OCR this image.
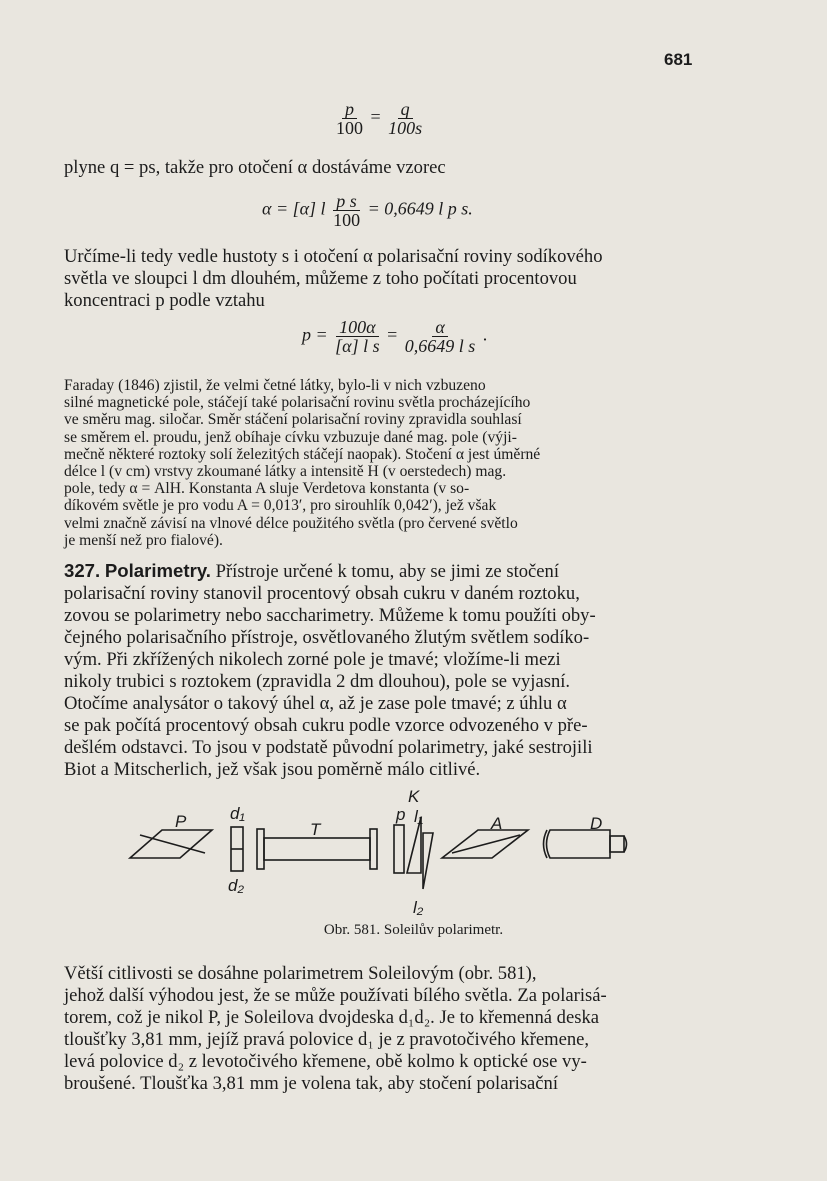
681
$\frac{p}{100} = \frac{q}{100s}$
plyne q = ps, takže pro otočení α dostáváme vzorec
α = [α] l $\frac{\text{p s}}{100} = 0,6649$ l p s.
Určíme-li tedy vedle hustoty s i otočení α polarisační roviny sodíkového
světla ve sloupci l dm dlouhém, můžeme z toho počítati procentovou
koncentraci p podle vztahu
$p = \frac{100\alpha}{\text{[α] l s}} = \frac{\alpha}{\text{0,6649 l s}}$ .
Faraday (1846) zjistil, že velmi četné látky, bylo-li v nich vzbuzeno
silné magnetické pole, stáčejí také polarisační rovinu světla procházejícího
ve směru mag. siločar. Směr stáčení polarisační roviny zpravidla souhlasí
se směrem el. proudu, jenž obíhaje cívku vzbuzuje dané mag. pole (výji-
mečně některé roztoky solí železitých stáčejí naopak). Stočení α jest úměrné
délce l (v cm) vrstvy zkoumané látky a intensitě H (v oerstedech) mag.
pole, tedy α = AlH. Konstanta A sluje Verdetova konstanta (v so-
díkovém světle je pro vodu A = 0,013′, pro sirouhlík 0,042′), jež však
velmi značně závisí na vlnové délce použitého světla (pro červené světlo
je menší než pro fialové).
327. Polarimetry. Přístroje určené k tomu, aby se jimi ze stočení
polarisační roviny stanovil procentový obsah cukru v daném roztoku,
zovou se polarimetry nebo saccharimetry. Můžeme k tomu použíti oby-
čejného polarisačního přístroje, osvětlovaného žlutým světlem sodíko-
vým. Při zkřížených nikolech zorné pole je tmavé; vložíme-li mezi
nikoly trubici s roztokem (zpravidla 2 dm dlouhou), pole se vyjasní.
Otočíme analysátor o takový úhel α, až je zase pole tmavé; z úhlu α
se pak počítá procentový obsah cukru podle vzorce odvozeného v pře-
dešlém odstavci. To jsou v podstatě původní polarimetry, jaké sestrojili
Biot a Mitscherlich, jež však jsou poměrně málo citlivé.
P	d₁
d₂
T
K
p l₁
l₂
A	D
Obr. 581. Soleilův polarimetr.
Větší citlivosti se dosáhne polarimetrem Soleilovým (obr. 581),
jehož další výhodou jest, že se může používati bílého světla. Za polarisá-
torem, což je nikol P, je Soleilova dvojdeska d₁d₂. Je to křemenná deska
tloušťky 3,81 mm, jejíž pravá polovice d₁ je z pravotočivého křemene,
levá polovice d₂ z levotočivého křemene, obě kolmo k optické ose vy-
broušené. Tloušťka 3,81 mm je volena tak, aby stočení polarisační
